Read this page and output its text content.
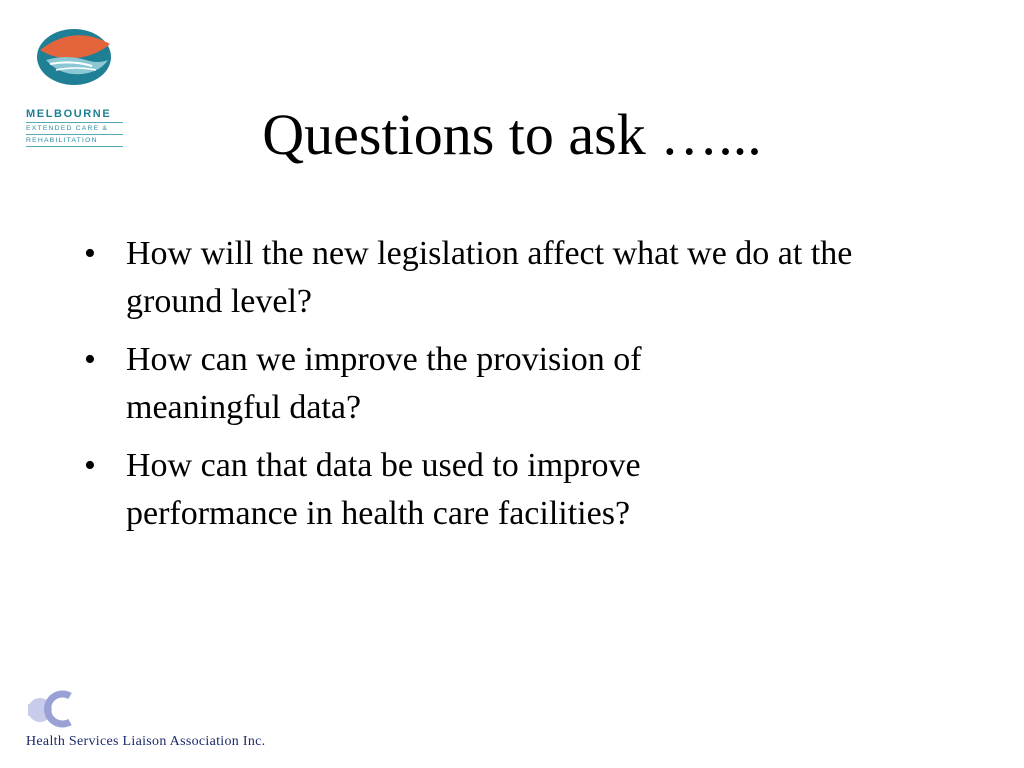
MELBOURNE
EXTENDED CARE &
REHABILITATION	Questions to ask …...
• How will the new legislation affect what we do at the ground level?
• How can we improve the provision of meaningful data?
• How can that data be used to improve performance in health care facilities?
Health Services Liaison Association Inc.
